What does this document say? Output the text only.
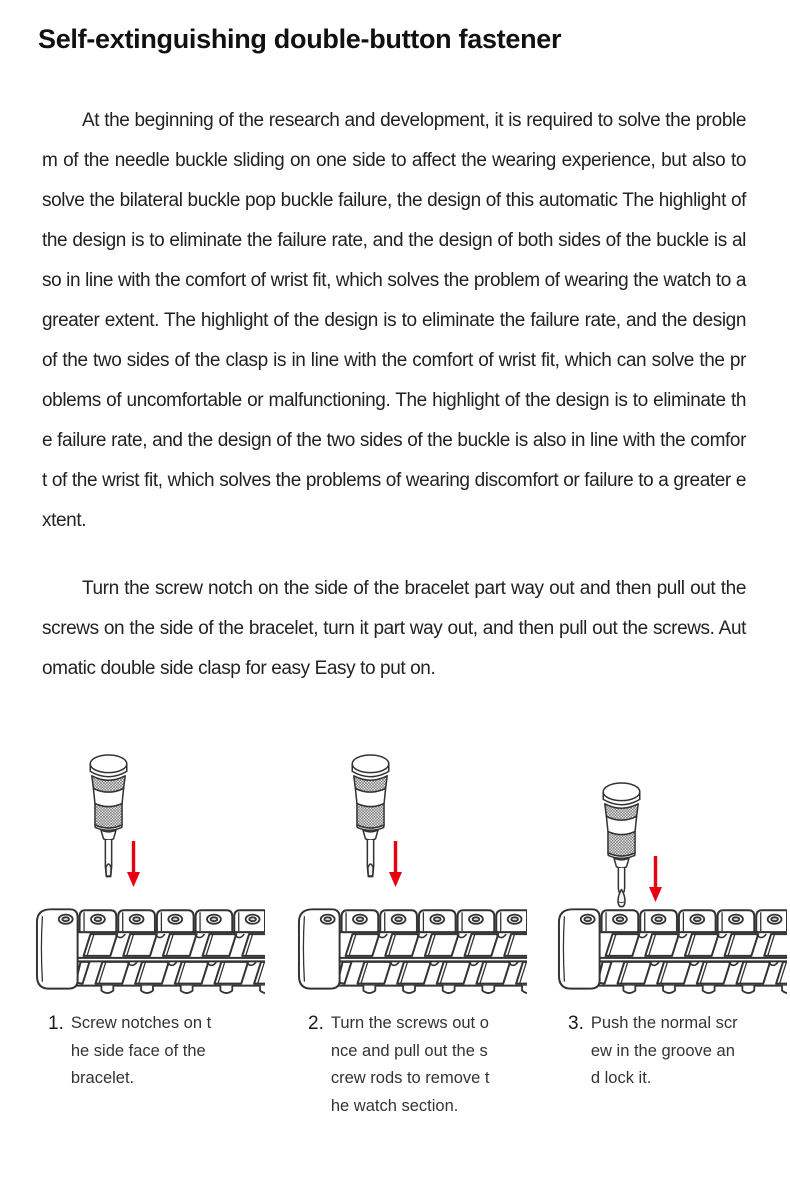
Self-extinguishing double-button fastener

At the beginning of the research and development, it is required to solve the problem of the needle buckle sliding on one side to affect the wearing experience, but also to solve the bilateral buckle pop buckle failure, the design of this automatic The highlight of the design is to eliminate the failure rate, and the design of both sides of the buckle is also in line with the comfort of wrist fit, which solves the problem of wearing the watch to a greater extent. The highlight of the design is to eliminate the failure rate, and the design of the two sides of the clasp is in line with the comfort of wrist fit, which can solve the problems of uncomfortable or malfunctioning. The highlight of the design is to eliminate the failure rate, and the design of the two sides of the buckle is also in line with the comfort of the wrist fit, which solves the problems of wearing discomfort or failure to a greater extent.

Turn the screw notch on the side of the bracelet part way out and then pull out the screws on the side of the bracelet, turn it part way out, and then pull out the screws. Automatic double side clasp for easy Easy to put on.

1. Screw notches on the side face of the bracelet.
2. Turn the screws out once and pull out the screw rods to remove the watch section.
3. Push the normal screw in the groove and lock it.
